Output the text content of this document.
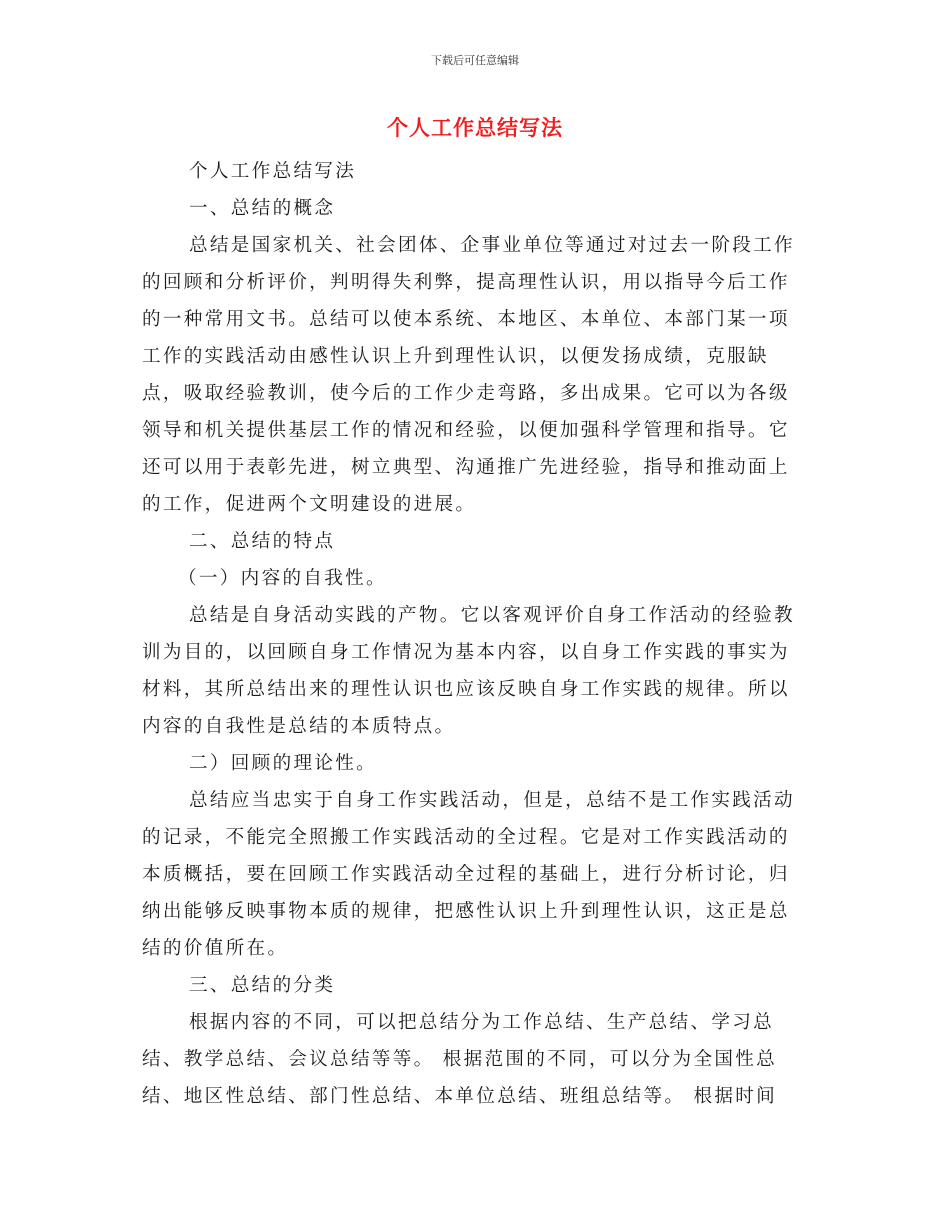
下载后可任意编辑
个人工作总结写法

个人工作总结写法

一、总结的概念

总结是国家机关、社会团体、企事业单位等通过对过去一阶段工作的回顾和分析评价，判明得失利弊，提高理性认识，用以指导今后工作的一种常用文书。总结可以使本系统、本地区、本单位、本部门某一项工作的实践活动由感性认识上升到理性认识，以便发扬成绩，克服缺点，吸取经验教训，使今后的工作少走弯路，多出成果。它可以为各级领导和机关提供基层工作的情况和经验，以便加强科学管理和指导。它还可以用于表彰先进，树立典型、沟通推广先进经验，指导和推动面上的工作，促进两个文明建设的进展。

二、总结的特点

（一）内容的自我性。

总结是自身活动实践的产物。它以客观评价自身工作活动的经验教训为目的，以回顾自身工作情况为基本内容，以自身工作实践的事实为材料，其所总结出来的理性认识也应该反映自身工作实践的规律。所以内容的自我性是总结的本质特点。

二）回顾的理论性。

总结应当忠实于自身工作实践活动，但是，总结不是工作实践活动的记录，不能完全照搬工作实践活动的全过程。它是对工作实践活动的本质概括，要在回顾工作实践活动全过程的基础上，进行分析讨论，归纳出能够反映事物本质的规律，把感性认识上升到理性认识，这正是总结的价值所在。

三、总结的分类

根据内容的不同，可以把总结分为工作总结、生产总结、学习总结、教学总结、会议总结等等。 根据范围的不同，可以分为全国性总结、地区性总结、部门性总结、本单位总结、班组总结等。 根据时间
